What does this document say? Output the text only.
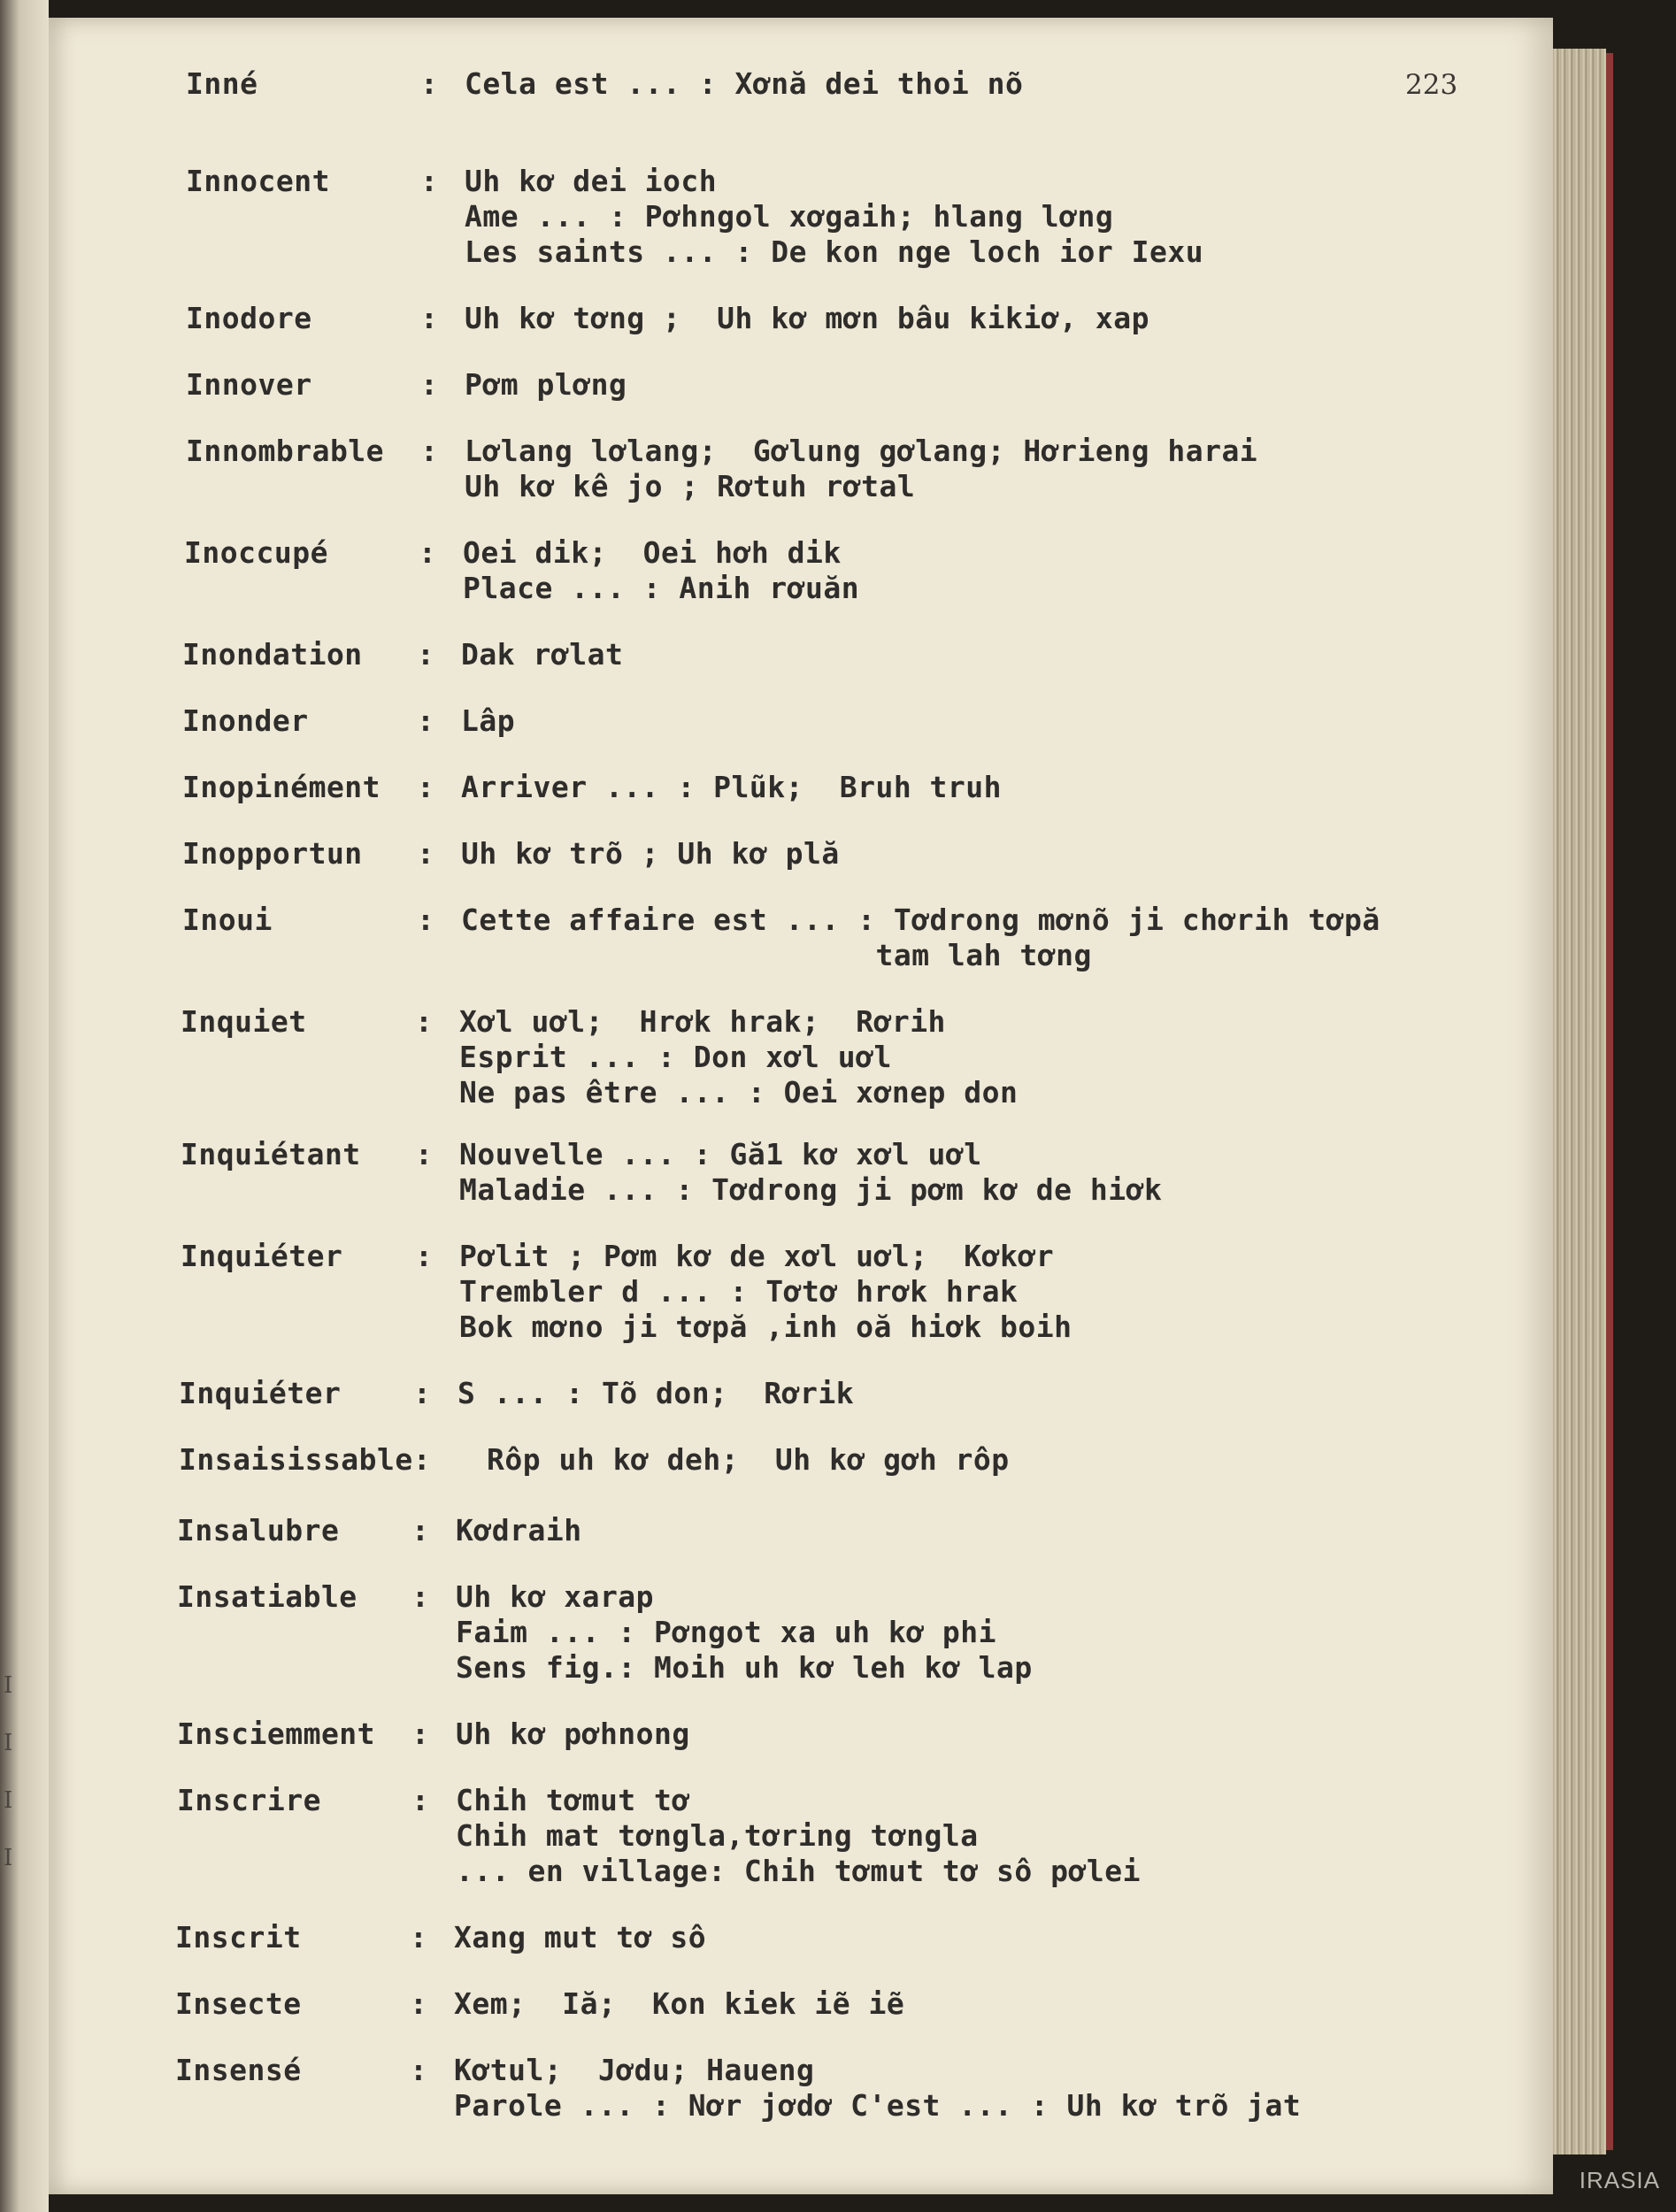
I
I
I
I
Inné	: Cela est ... : Xơnă dei thoi nõ
Innocent	: Uh kơ dei ioch
Ame ... : Pơhngol xơgaih; hlang lơng
Les saints ... : De kon nge loch ior Iexu
Inodore	: Uh kơ tơng ;  Uh kơ mơn bâu kikiơ, xap
Innover	: Pơm plơng
Innombrable : Lơlang lơlang;  Gơlung gơlang; Hơrieng harai
Uh kơ kê jo ; Rơtuh rơtal
Inoccupé	: Oei dik;  Oei hơh dik
Place ... : Anih rơuăn
Inondation : Dak rơlat
Inonder	: Lâp
Inopinément : Arriver ... : Plũk;  Bruh truh
Inopportun : Uh kơ trõ ; Uh kơ plă
Inoui	: Cette affaire est ... : Tơdrong mơnõ ji chơrih tơpă
tam lah tơng
Inquiet	: Xơl uơl;  Hrơk hrak;  Rơrih
Esprit ... : Don xơl uơl
Ne pas être ... : Oei xơnep don
Inquiétant : Nouvelle ... : Gă1 kơ xơl uơl
Maladie ... : Tơdrong ji pơm kơ de hiơk
Inquiéter : Pơlit ; Pơm kơ de xơl uơl;  Kơkơr
Trembler d ... : Tơtơ hrơk hrak
Bok mơno ji tơpă ,inh oă hiơk boih
Inquiéter : S ... : Tõ don;  Rơrik
Insaisissable: Rôp uh kơ deh;  Uh kơ gơh rôp
Insalubre : Kơdraih
Insatiable : Uh kơ xarap
Faim ... : Pơngot xa uh kơ phi
Sens fig.: Moih uh kơ leh kơ lap
Insciemment : Uh kơ pơhnong
Inscrire	: Chih tơmut tơ
Chih mat tơngla,tơring tơngla
... en village: Chih tơmut tơ sô pơlei
Inscrit	: Xang mut tơ sô
Insecte	: Xem;  Iă;  Kon kiek iẽ iẽ
Insensé	: Kơtul;  Jơdu; Haueng
Parole ... : Nơr jơdơ C'est ... : Uh kơ trõ jat
223
IRASIA
